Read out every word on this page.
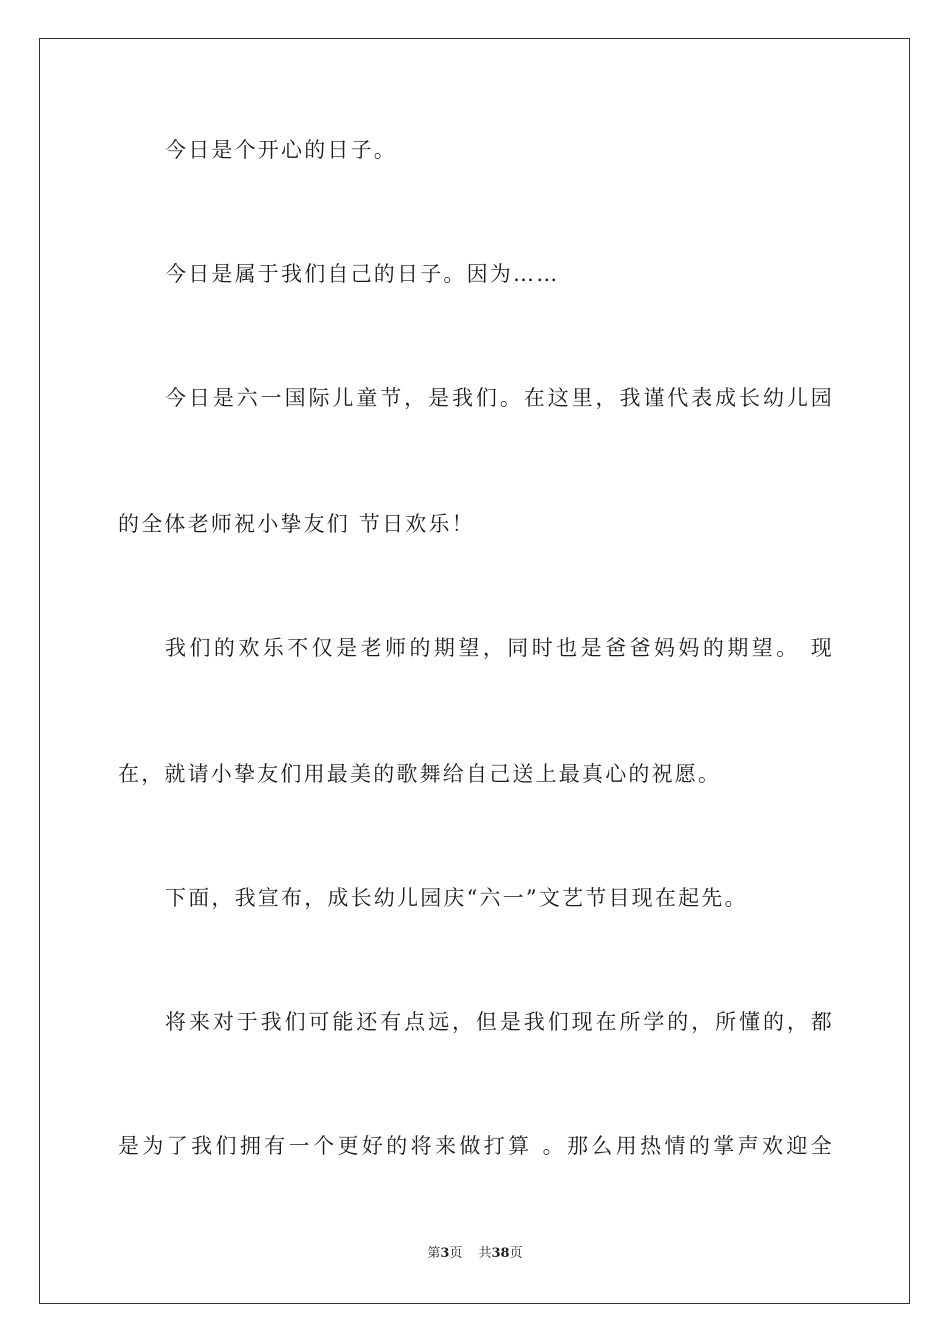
今日是个开心的日子。
今日是属于我们自己的日子。因为……
今日是六一国际儿童节，是我们。在这里，我谨代表成长幼儿园
的全体老师祝小挚友们 节日欢乐！
我们的欢乐不仅是老师的期望，同时也是爸爸妈妈的期望。 现
在，就请小挚友们用最美的歌舞给自己送上最真心的祝愿。
下面，我宣布，成长幼儿园庆“六一”文艺节目现在起先。
将来对于我们可能还有点远，但是我们现在所学的，所懂的，都
是为了我们拥有一个更好的将来做打算 。那么用热情的掌声欢迎全
第3页 共38页
